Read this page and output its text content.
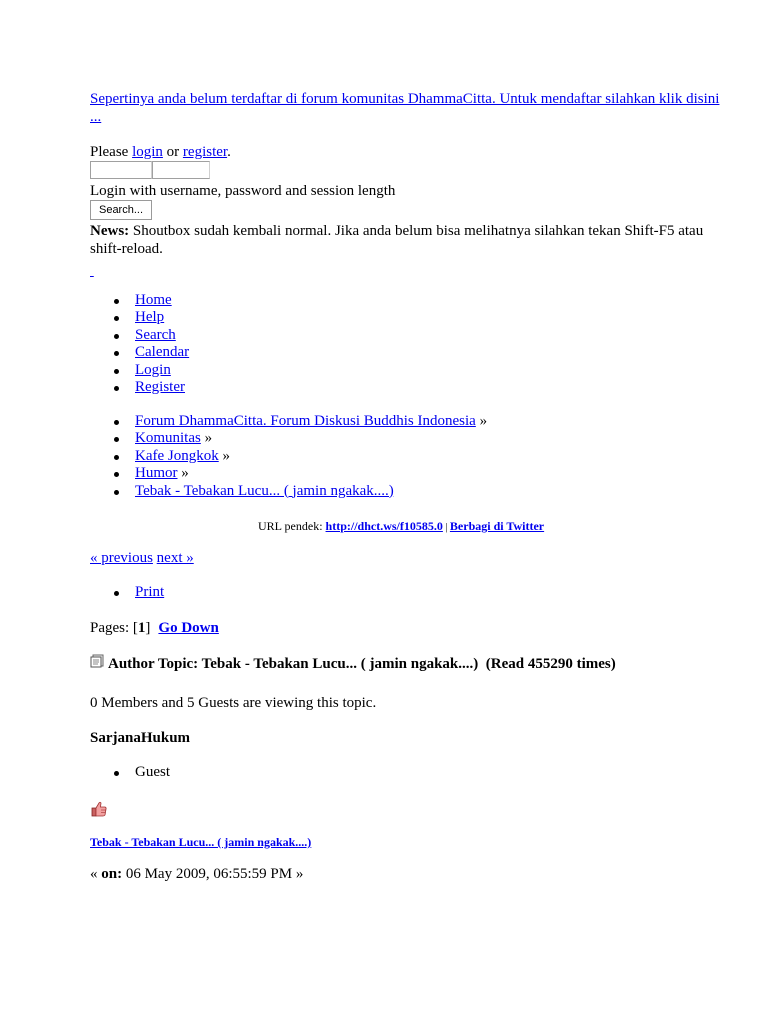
Sepertinya anda belum terdaftar di forum komunitas DhammaCitta. Untuk mendaftar silahkan klik disini ...
Please login or register.
Login with username, password and session length
Search...
News: Shoutbox sudah kembali normal. Jika anda belum bisa melihatnya silahkan tekan Shift-F5 atau shift-reload.

Home
Help
Search
Calendar
Login
Register
Forum DhammaCitta. Forum Diskusi Buddhis Indonesia »
Komunitas »
Kafe Jongkok »
Humor »
Tebak - Tebakan Lucu... ( jamin ngakak....)
URL pendek: http://dhct.ws/f10585.0 | Berbagi di Twitter
« previous next »
Print
Pages: [1] Go Down
Author Topic: Tebak - Tebakan Lucu... ( jamin ngakak....)  (Read 455290 times)
0 Members and 5 Guests are viewing this topic.
SarjanaHukum
Guest
Tebak - Tebakan Lucu... ( jamin ngakak....)
« on: 06 May 2009, 06:55:59 PM »
